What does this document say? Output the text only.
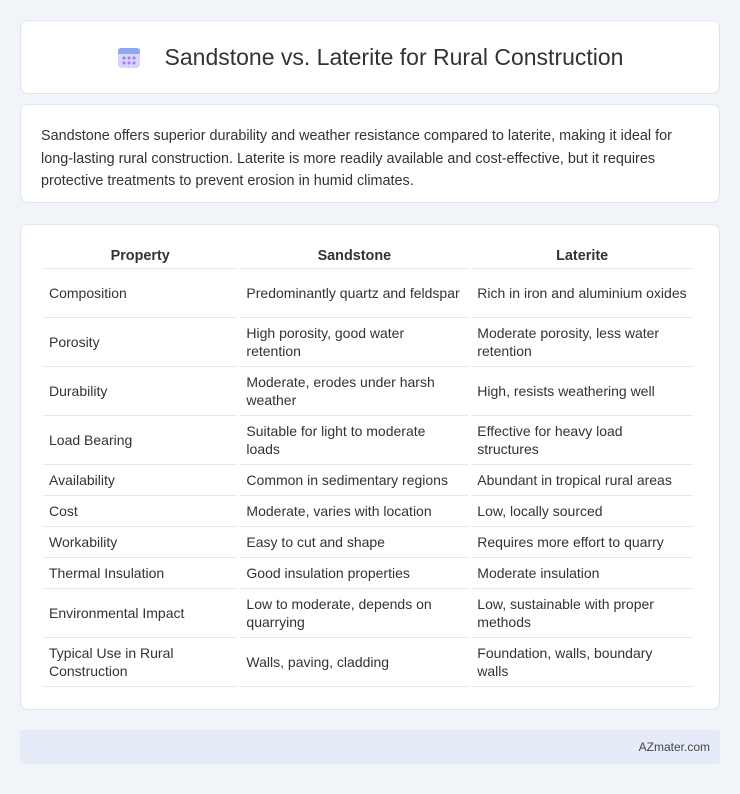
Sandstone vs. Laterite for Rural Construction

Sandstone offers superior durability and weather resistance compared to laterite, making it ideal for long-lasting rural construction. Laterite is more readily available and cost-effective, but it requires protective treatments to prevent erosion in humid climates.

Property	Sandstone	Laterite
Composition	Predominantly quartz and feldspar	Rich in iron and aluminium oxides
Porosity	High porosity, good water retention	Moderate porosity, less water retention
Durability	Moderate, erodes under harsh weather	High, resists weathering well
Load Bearing	Suitable for light to moderate loads	Effective for heavy load structures
Availability	Common in sedimentary regions	Abundant in tropical rural areas
Cost	Moderate, varies with location	Low, locally sourced
Workability	Easy to cut and shape	Requires more effort to quarry
Thermal Insulation	Good insulation properties	Moderate insulation
Environmental Impact	Low to moderate, depends on quarrying	Low, sustainable with proper methods
Typical Use in Rural Construction	Walls, paving, cladding	Foundation, walls, boundary walls
AZmater.com
